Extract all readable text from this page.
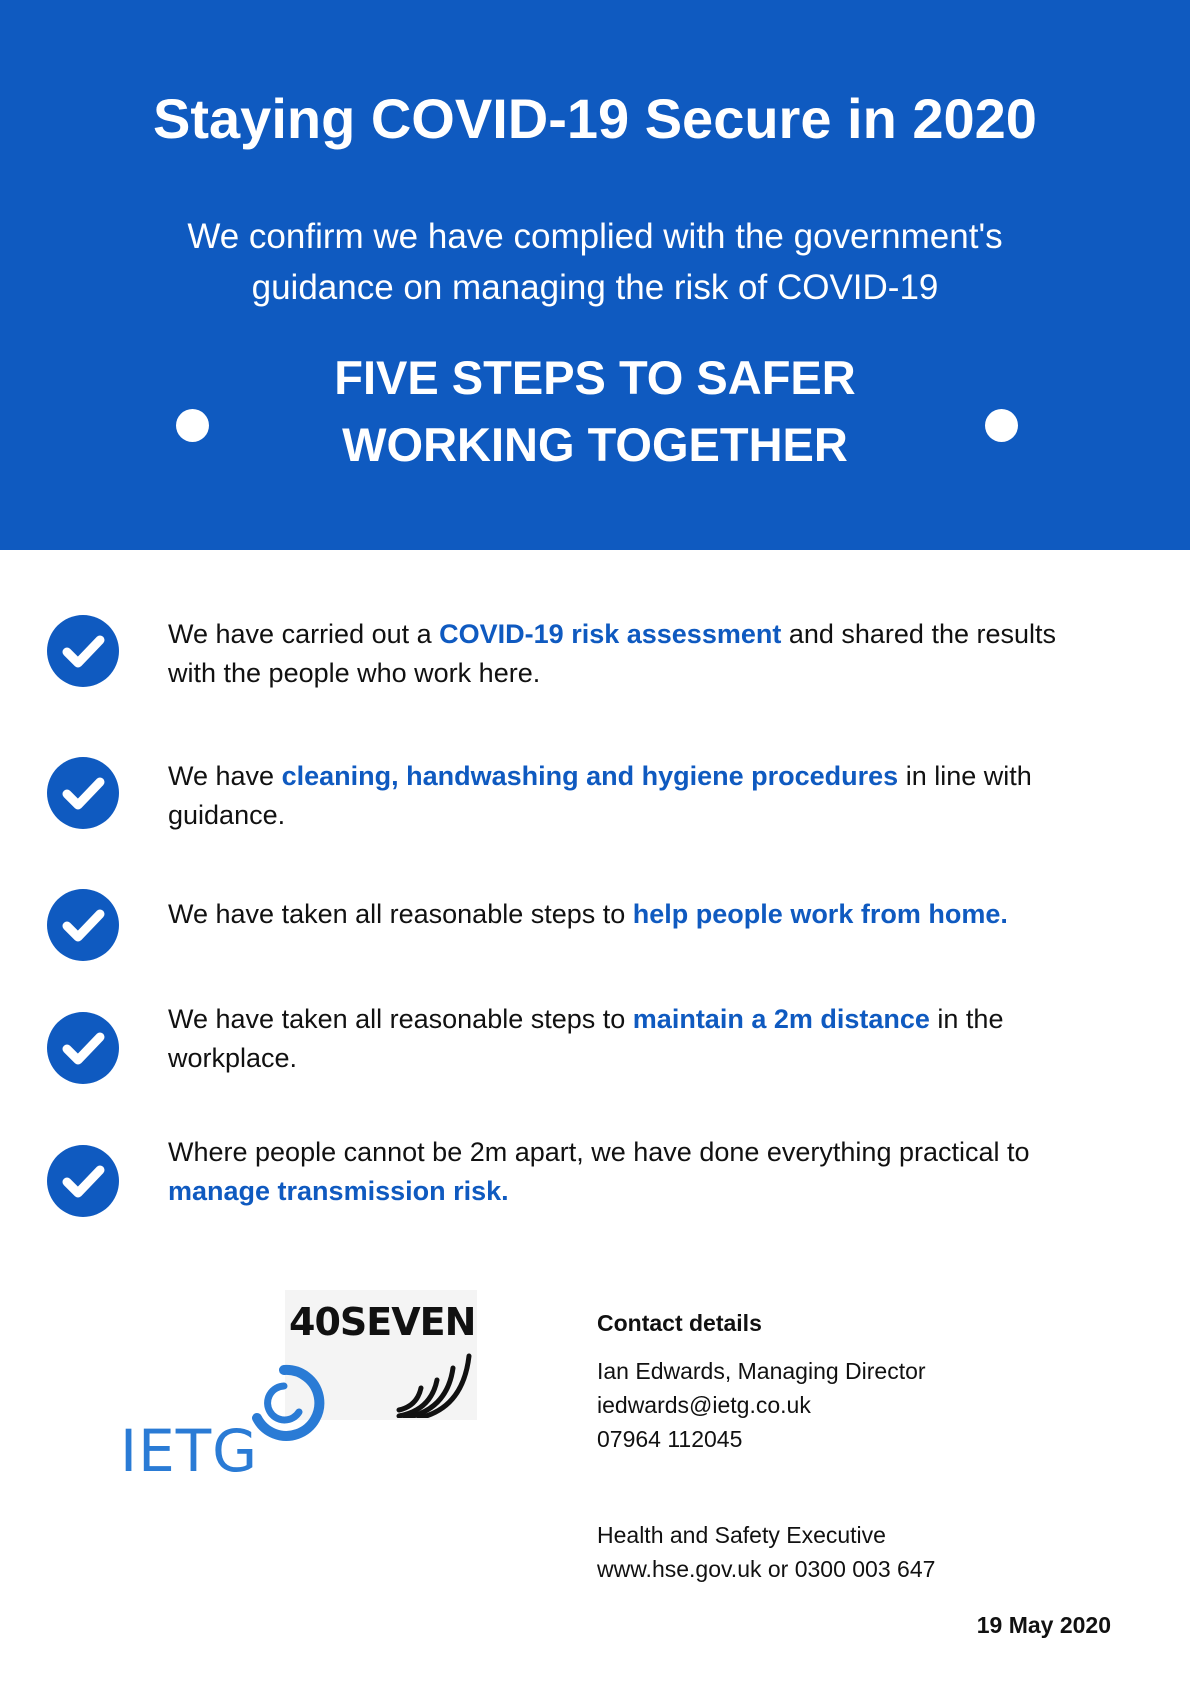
Staying COVID-19 Secure in 2020
We confirm we have complied with the government's
guidance on managing the risk of COVID-19
FIVE STEPS TO SAFER
WORKING TOGETHER
We have carried out a COVID-19 risk assessment and shared the results with the people who work here.
We have cleaning, handwashing and hygiene procedures in line with guidance.
We have taken all reasonable steps to help people work from home.
We have taken all reasonable steps to maintain a 2m distance in the workplace.
Where people cannot be 2m apart, we have done everything practical to manage transmission risk.
40SEVEN
IETG
Contact details
Ian Edwards, Managing Director
iedwards@ietg.co.uk
07964 112045
Health and Safety Executive
www.hse.gov.uk or 0300 003 647
19 May 2020
